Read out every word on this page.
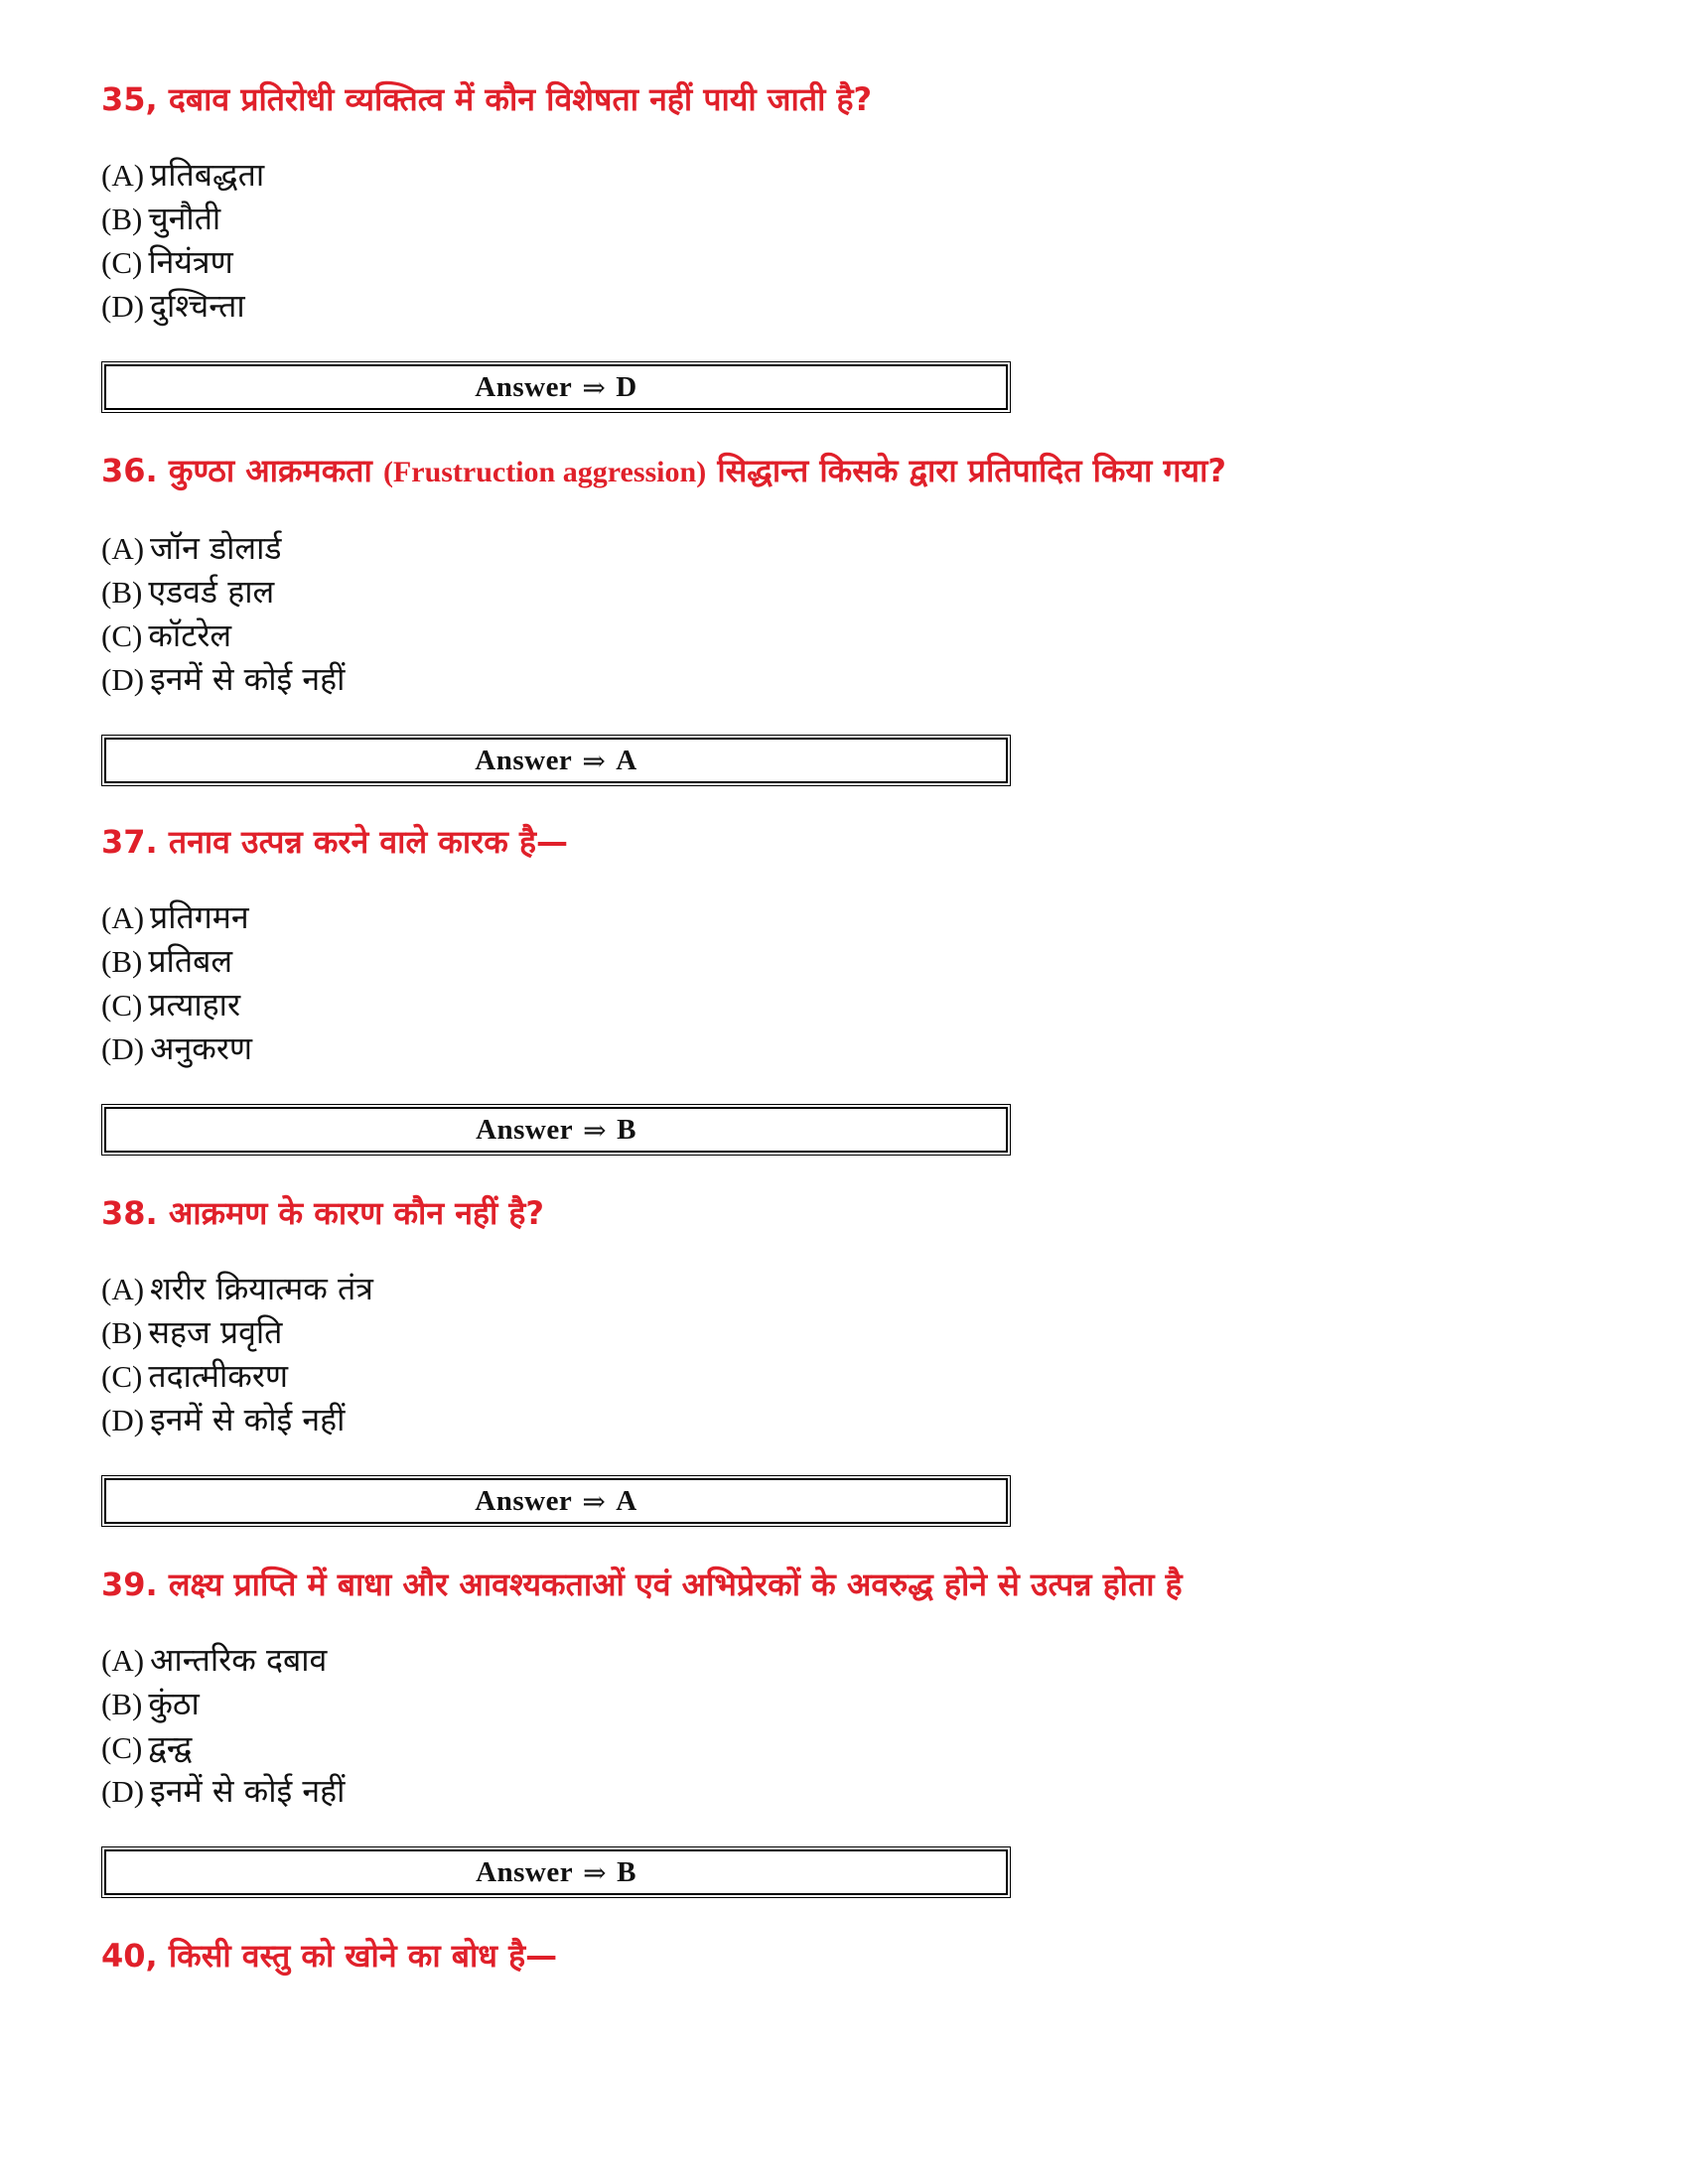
35, दबाव प्रतिरोधी व्यक्तित्व में कौन विशेषता नहीं पायी जाती है?

(A) प्रतिबद्धता
(B) चुनौती
(C) नियंत्रण
(D) दुश्चिन्ता
Answer ⇒ D

36. कुण्ठा आक्रमकता (Frustruction aggression) सिद्धान्त किसके द्वारा प्रतिपादित किया गया?

(A) जॉन डोलार्ड
(B) एडवर्ड हाल
(C) कॉटरेल
(D) इनमें से कोई नहीं
Answer ⇒ A

37. तनाव उत्पन्न करने वाले कारक है—

(A) प्रतिगमन
(B) प्रतिबल
(C) प्रत्याहार
(D) अनुकरण
Answer ⇒ B

38. आक्रमण के कारण कौन नहीं है?

(A) शरीर क्रियात्मक तंत्र
(B) सहज प्रवृति
(C) तदात्मीकरण
(D) इनमें से कोई नहीं
Answer ⇒ A

39. लक्ष्य प्राप्ति में बाधा और आवश्यकताओं एवं अभिप्रेरकों के अवरुद्ध होने से उत्पन्न होता है

(A) आन्तरिक दबाव
(B) कुंठा
(C) द्वन्द्व
(D) इनमें से कोई नहीं
Answer ⇒ B

40, किसी वस्तु को खोने का बोध है—
